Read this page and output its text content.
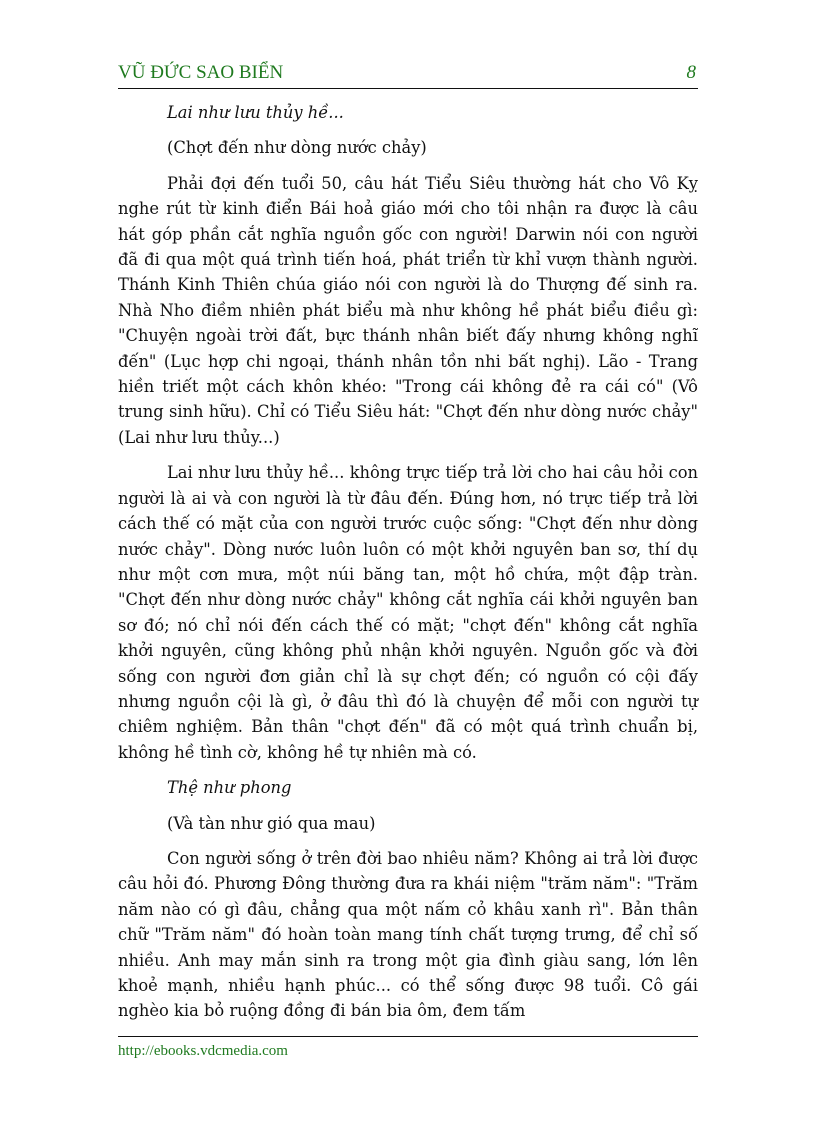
VŨ ĐỨC SAO BIỂN	8

Lai như lưu thủy hề...

(Chợt đến như dòng nước chảy)

Phải đợi đến tuổi 50, câu hát Tiểu Siêu thường hát cho Vô Kỵ nghe rút từ kinh điển Bái hoả giáo mới cho tôi nhận ra được là câu hát góp phần cắt nghĩa nguồn gốc con người! Darwin nói con người đã đi qua một quá trình tiến hoá, phát triển từ khỉ vượn thành người. Thánh Kinh Thiên chúa giáo nói con người là do Thượng đế sinh ra. Nhà Nho điềm nhiên phát biểu mà như không hề phát biểu điều gì: "Chuyện ngoài trời đất, bực thánh nhân biết đấy nhưng không nghĩ đến" (Lục hợp chi ngoại, thánh nhân tồn nhi bất nghị). Lão - Trang hiền triết một cách khôn khéo: "Trong cái không đẻ ra cái có" (Vô trung sinh hữu). Chỉ có Tiểu Siêu hát: "Chợt đến như dòng nước chảy" (Lai như lưu thủy...)

Lai như lưu thủy hề... không trực tiếp trả lời cho hai câu hỏi con người là ai và con người là từ đâu đến. Đúng hơn, nó trực tiếp trả lời cách thế có mặt của con người trước cuộc sống: "Chợt đến như dòng nước chảy". Dòng nước luôn luôn có một khởi nguyên ban sơ, thí dụ như một cơn mưa, một núi băng tan, một hồ chứa, một đập tràn. "Chợt đến như dòng nước chảy" không cắt nghĩa cái khởi nguyên ban sơ đó; nó chỉ nói đến cách thế có mặt; "chợt đến" không cắt nghĩa khởi nguyên, cũng không phủ nhận khởi nguyên. Nguồn gốc và đời sống con người đơn giản chỉ là sự chợt đến; có nguồn có cội đấy nhưng nguồn cội là gì, ở đâu thì đó là chuyện để mỗi con người tự chiêm nghiệm. Bản thân "chợt đến" đã có một quá trình chuẩn bị, không hề tình cờ, không hề tự nhiên mà có.

Thệ như phong

(Và tàn như gió qua mau)

Con người sống ở trên đời bao nhiêu năm? Không ai trả lời được câu hỏi đó. Phương Đông thường đưa ra khái niệm "trăm năm": "Trăm năm nào có gì đâu, chẳng qua một nấm cỏ khâu xanh rì". Bản thân chữ "Trăm năm" đó hoàn toàn mang tính chất tượng trưng, để chỉ số nhiều. Anh may mắn sinh ra trong một gia đình giàu sang, lớn lên khoẻ mạnh, nhiều hạnh phúc... có thể sống được 98 tuổi. Cô gái nghèo kia bỏ ruộng đồng đi bán bia ôm, đem tấm

http://ebooks.vdcmedia.com
